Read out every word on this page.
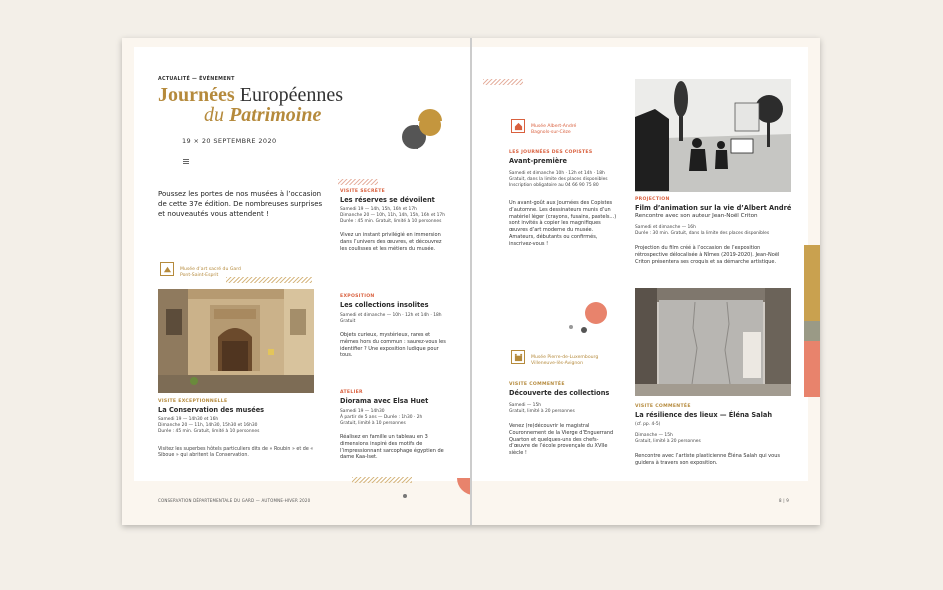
ACTUALITÉ — ÉVÉNEMENT

Journées Européennes
du Patrimoine

19 × 20 SEPTEMBRE 2020

Poussez les portes de nos musées à l’occasion de cette 37e édition. De nombreuses surprises et nouveautés vous attendent !

Musée d’art sacré du Gard
Pont-Saint-Esprit

VISITE EXCEPTIONNELLE

La Conservation des musées

Samedi 19 — 14h30 et 16h
Dimanche 20 — 11h, 14h30, 15h30 et 16h30
Durée : 45 min. Gratuit, limité à 10 personnes

Visitez les superbes hôtels particuliers dits de « Roubin » et de « Siboue » qui abritent la Conservation.

VISITE SECRÈTE

Les réserves se dévoilent

Samedi 19 — 14h, 15h, 16h et 17h
Dimanche 20 — 10h, 11h, 14h, 15h, 16h et 17h
Durée : 45 min. Gratuit, limité à 10 personnes

Vivez un instant privilégié en immersion dans l’univers des œuvres, et découvrez les coulisses et les métiers du musée.

EXPOSITION

Les collections insolites

Samedi et dimanche — 10h · 12h et 14h · 18h
Gratuit

Objets curieux, mystérieux, rares et mêmes hors du commun : saurez-vous les identifier ? Une exposition ludique pour tous.

ATELIER

Diorama avec Elsa Huet

Samedi 19 — 14h30
À partir de 5 ans — Durée : 1h30 · 2h
Gratuit, limité à 10 personnes

Réalisez en famille un tableau en 3 dimensions inspiré des motifs de l’impressionnant sarcophage égyptien de dame Kaa-Iset.

CONSERVATION DÉPARTEMENTALE DU GARD — AUTOMNE-HIVER 2020

Musée Albert-André
Bagnols-sur-Cèze

LES JOURNÉES DES COPISTES

Avant-première

Samedi et dimanche 10h · 12h et 14h · 18h
Gratuit, dans la limite des places disponibles
Inscription obligatoire au 04 66 90 75 80

Un avant-goût aux Journées des Copistes d’automne. Les dessinateurs munis d’un matériel léger (crayons, fusains, pastels...) sont invités à copier les magnifiques œuvres d’art moderne du musée. Amateurs, débutants ou confirmés, inscrivez-vous !

Musée Pierre-de-Luxembourg
Villeneuve-lès-Avignon

VISITE COMMENTÉE

Découverte des collections

Samedi — 15h
Gratuit, limité à 20 personnes

Venez (re)découvrir le magistral Couronnement de la Vierge d’Enguerrand Quarton et quelques-uns des chefs-d’œuvre de l’école provençale du XVIIe siècle !

PROJECTION

Film d’animation sur la vie d’Albert André

Rencontre avec son auteur Jean-Noël Criton

Samedi et dimanche — 16h
Durée : 30 min. Gratuit, dans la limite des places disponibles

Projection du film créé à l’occasion de l’exposition rétrospective délocalisée à Nîmes (2019-2020). Jean-Noël Criton présentera ses croquis et sa démarche artistique.

VISITE COMMENTÉE

La résilience des lieux — Éléna Salah

(cf. pp. 4-5)

Dimanche — 15h
Gratuit, limité à 20 personnes

Rencontre avec l’artiste plasticienne Éléna Salah qui vous guidera à travers son exposition.

8 | 9
